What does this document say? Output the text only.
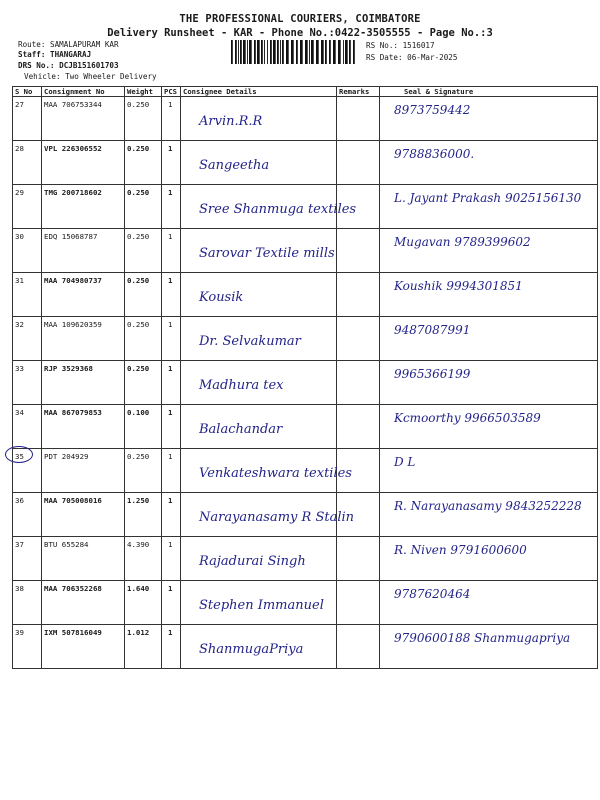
THE PROFESSIONAL COURIERS, COIMBATORE
Delivery Runsheet - KAR - Phone No.:0422-3505555 - Page No.:3
Route: SAMALAPURAM KAR
Staff: THANGARAJ
DRS No.: DCJB151601703
Vehicle: Two Wheeler Delivery
RS No.: 1516017
RS Date: 06-Mar-2025
S No	Consignment No	Weight	PCS	Consignee Details	Remarks	Seal & Signature
27	MAA 706753344	0.250	1	Arvin.R.R		8973759442

28	VPL 226306552	0.250	1	Sangeetha		9788836000.

29	TMG 200718602	0.250	1	Sree Shanmuga textiles		L. Jayant Prakash 9025156130

30	EDQ 15068787	0.250	1	Sarovar Textile mills		Mugavan 9789399602

31	MAA 704980737	0.250	1	Kousik		Koushik 9994301851

32	MAA 109620359	0.250	1	Dr. Selvakumar		9487087991

33	RJP 3529368	0.250	1	Madhura tex		9965366199

34	MAA 867079853	0.100	1	Balachandar		Kcmoorthy 9966503589

35	PDT 204929	0.250	1	Venkateshwara textiles		D L

36	MAA 705008016	1.250	1	Narayanasamy R Stalin		R. Narayanasamy 9843252228

37	BTU 655284	4.390	1	Rajadurai Singh		R. Niven 9791600600

38	MAA 706352268	1.640	1	Stephen Immanuel		9787620464

39	IXM 507816049	1.012	1	ShanmugaPriya		9790600188 Shanmugapriya
